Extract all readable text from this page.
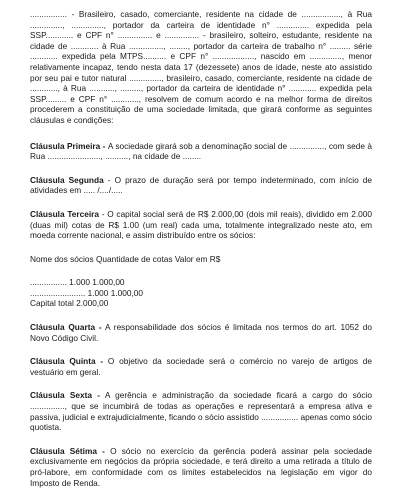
................ - Brasileiro, casado, comerciante, residente na cidade de ................., à Rua .............., .............., portador da carteira de identidade n° .............. expedida pela SSP............ e CPF n° ............... e ............... - brasileiro, solteiro, estudante, residente na cidade de ............ à Rua ..............., ........, portador da carteira de trabalho n° ......... série ............ expedida pela MTPS.......... e CPF n° .................., nascido em .............., menor relativamente incapaz, tendo nesta data 17 (dezessete) anos de idade, neste ato assistido por seu pai e tutor natural .............., brasileiro, casado, comerciante, residente na cidade de ............, à Rua ..........., ........., portador da carteira de identidade n° ............ expedida pela SSP......... e CPF n° ............, resolvem de comum acordo e na melhor forma de direitos procederem a constituição de uma sociedade limitada, que girará conforme as seguintes cláusulas e condições:

Cláusula Primeira - A sociedade girará sob a denominação social de ..............., com sede à Rua ......................., .........., na cidade de ........

Cláusula Segunda - O prazo de duração será por tempo indeterminado, com início de atividades em ..... /..../.....

Cláusula Terceira - O capital social será de R$ 2.000,00 (dois mil reais), dividido em 2.000 (duas mil) cotas de R$ 1.00 (um real) cada uma, totalmente integralizado neste ato, em moeda corrente nacional, e assim distribuído entre os sócios:

Nome dos sócios Quantidade de cotas Valor em R$

................ 1.000 1.000,00
........................ 1.000 1.000,00
Capital total 2.000,00

Cláusula Quarta - A responsabilidade dos sócios é limitada nos termos do art. 1052 do Novo Código Civil.

Cláusula Quinta - O objetivo da sociedade será o comércio no varejo de artigos de vestuário em geral.

Cláusula Sexta - A gerência e administração da sociedade ficará a cargo do sócio ..............., que se incumbirá de todas as operações e representará a empresa ativa e passiva, judicial e extrajudicialmente, ficando o sócio assistido ................ apenas como sócio quotista.

Cláusula Sétima - O sócio no exercício da gerência poderá assinar pela sociedade exclusivamente em negócios da própria sociedade, e terá direito a uma retirada a título de pró-labore, em conformidade com os limites estabelecidos na legislação em vigor do Imposto de Renda.
